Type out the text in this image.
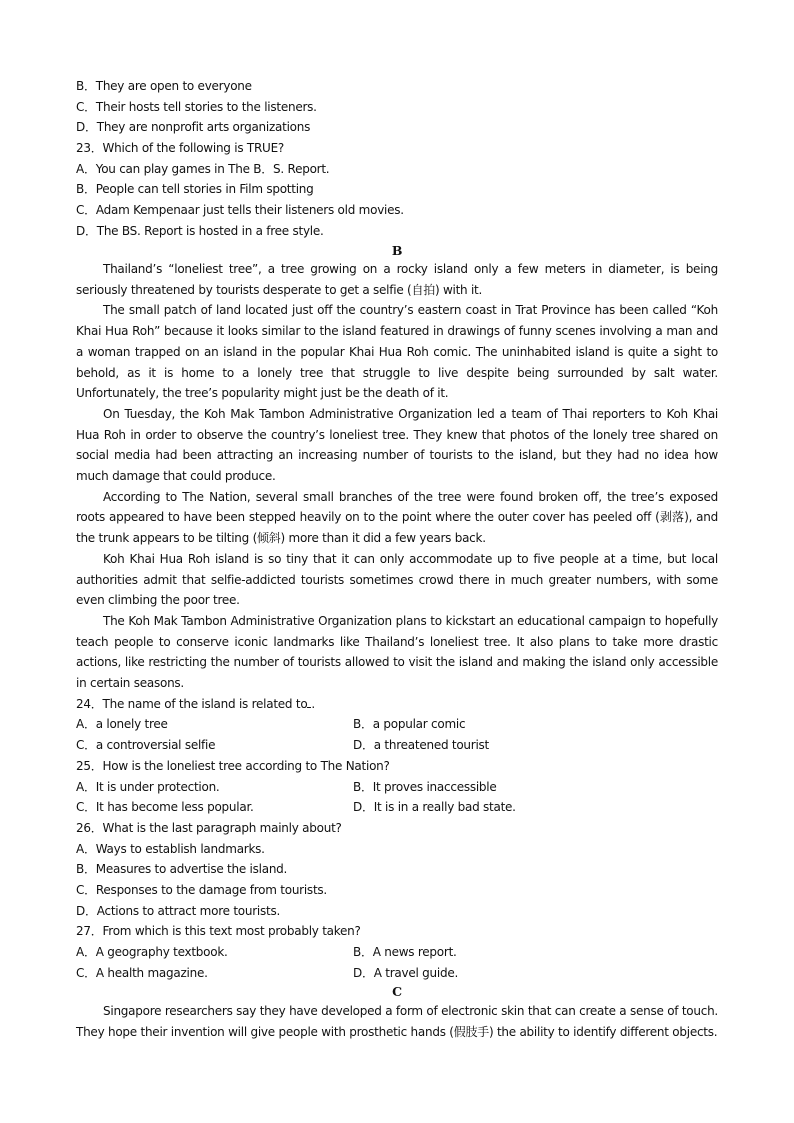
B．They are open to everyone
C．Their hosts tell stories to the listeners.
D．They are nonprofit arts organizations
23．Which of the following is TRUE?
A．You can play games in The B．S. Report.
B．People can tell stories in Film spotting
C．Adam Kempenaar just tells their listeners old movies.
D．The BS. Report is hosted in a free style.
B

Thailand’s “loneliest tree”, a tree growing on a rocky island only a few meters in diameter, is being seriously threatened by tourists desperate to get a selfie (自拍) with it.

The small patch of land located just off the country’s eastern coast in Trat Province has been called “Koh Khai Hua Roh” because it looks similar to the island featured in drawings of funny scenes involving a man and a woman trapped on an island in the popular Khai Hua Roh comic. The uninhabited island is quite a sight to behold, as it is home to a lonely tree that struggle to live despite being surrounded by salt water. Unfortunately, the tree’s popularity might just be the death of it.

On Tuesday, the Koh Mak Tambon Administrative Organization led a team of Thai reporters to Koh Khai Hua Roh in order to observe the country’s loneliest tree. They knew that photos of the lonely tree shared on social media had been attracting an increasing number of tourists to the island, but they had no idea how much damage that could produce.

According to The Nation, several small branches of the tree were found broken off, the tree’s exposed roots appeared to have been stepped heavily on to the point where the outer cover has peeled off (剥落), and the trunk appears to be tilting (倾斜) more than it did a few years back.

Koh Khai Hua Roh island is so tiny that it can only accommodate up to five people at a time, but local authorities admit that selfie-addicted tourists sometimes crowd there in much greater numbers, with some even climbing the poor tree.

The Koh Mak Tambon Administrative Organization plans to kickstart an educational campaign to hopefully teach people to conserve iconic landmarks like Thailand’s loneliest tree. It also plans to take more drastic actions, like restricting the number of tourists allowed to visit the island and making the island only accessible in certain seasons.

24．The name of the island is related to .
A．a lonely tree	B．a popular comic
C．a controversial selfie	D．a threatened tourist
25．How is the loneliest tree according to The Nation?
A．It is under protection.	B．It proves inaccessible
C．It has become less popular.	D．It is in a really bad state.
26．What is the last paragraph mainly about?
A．Ways to establish landmarks.
B．Measures to advertise the island.
C．Responses to the damage from tourists.
D．Actions to attract more tourists.
27．From which is this text most probably taken?
A．A geography textbook.	B．A news report.
C．A health magazine.	D．A travel guide.
C

Singapore researchers say they have developed a form of electronic skin that can create a sense of touch. They hope their invention will give people with prosthetic hands (假肢手) the ability to identify different objects.
